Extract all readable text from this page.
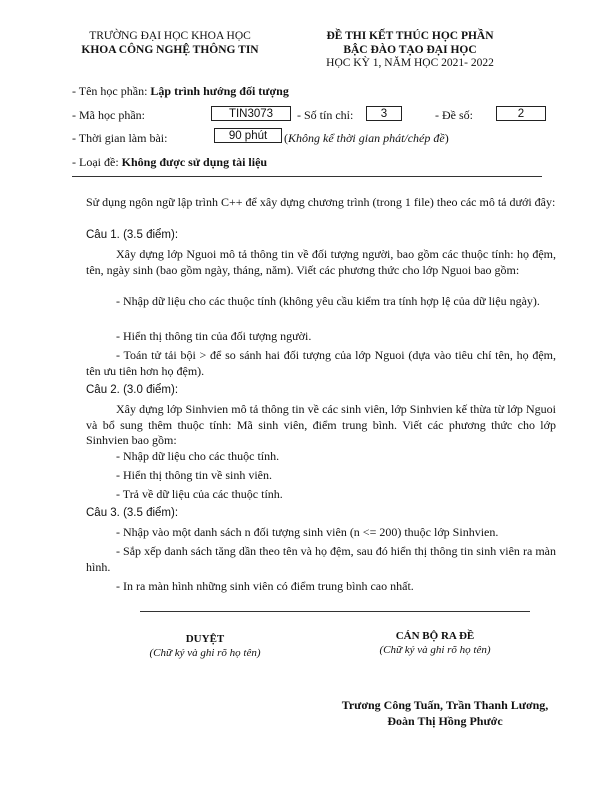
TRƯỜNG ĐẠI HỌC KHOA HỌC
KHOA CÔNG NGHỆ THÔNG TIN
ĐỀ THI KẾT THÚC HỌC PHẦN
BẬC ĐÀO TẠO ĐẠI HỌC
HỌC KỲ 1, NĂM HỌC 2021- 2022
- Tên học phần: Lập trình hướng đối tượng
- Mã học phần:	TIN3073	- Số tín chỉ:	3	- Đề số:	2
- Thời gian làm bài:	90 phút	(Không kể thời gian phát/chép đề)
- Loại đề: Không được sử dụng tài liệu
Sử dụng ngôn ngữ lập trình C++ để xây dựng chương trình (trong 1 file) theo các mô tả dưới đây:
Câu 1. (3.5 điểm):
Xây dựng lớp Nguoi mô tả thông tin về đối tượng người, bao gồm các thuộc tính: họ đệm, tên, ngày sinh (bao gồm ngày, tháng, năm). Viết các phương thức cho lớp Nguoi bao gồm:
- Nhập dữ liệu cho các thuộc tính (không yêu cầu kiểm tra tính hợp lệ của dữ liệu ngày).
- Hiển thị thông tin của đối tượng người.
- Toán tử tải bội > để so sánh hai đối tượng của lớp Nguoi (dựa vào tiêu chí tên, họ đệm, tên ưu tiên hơn họ đệm).
Câu 2. (3.0 điểm):
Xây dựng lớp Sinhvien mô tả thông tin về các sinh viên, lớp Sinhvien kế thừa từ lớp Nguoi và bổ sung thêm thuộc tính: Mã sinh viên, điểm trung bình. Viết các phương thức cho lớp Sinhvien bao gồm:
- Nhập dữ liệu cho các thuộc tính.
- Hiển thị thông tin về sinh viên.
- Trả về dữ liệu của các thuộc tính.
Câu 3. (3.5 điểm):
- Nhập vào một danh sách n đối tượng sinh viên (n <= 200) thuộc lớp Sinhvien.
- Sắp xếp danh sách tăng dần theo tên và họ đệm, sau đó hiển thị thông tin sinh viên ra màn hình.
- In ra màn hình những sinh viên có điểm trung bình cao nhất.
DUYỆT
(Chữ ký và ghi rõ họ tên)
CÁN BỘ RA ĐỀ
(Chữ ký và ghi rõ họ tên)
Trương Công Tuấn, Trần Thanh Lương,
Đoàn Thị Hồng Phước
